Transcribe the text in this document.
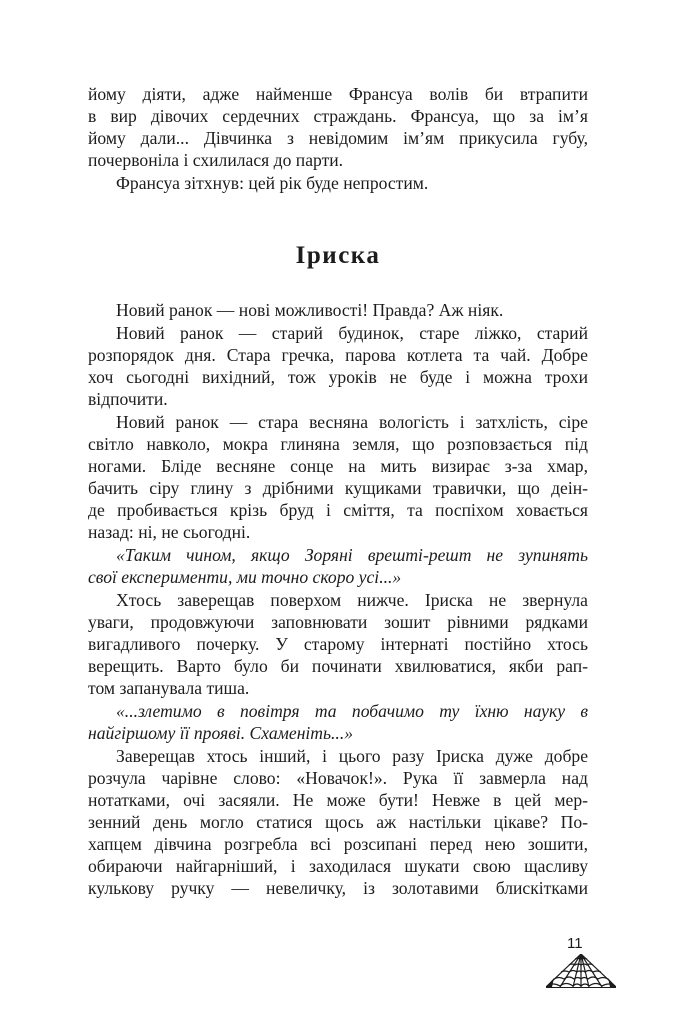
йому діяти, адже найменше Франсуа волів би втрапити
в вир дівочих сердечних страждань. Франсуа, що за ім’я
йому дали... Дівчинка з невідомим ім’ям прикусила губу,
почервоніла і схилилася до парти.
Франсуа зітхнув: цей рік буде непростим.
Іриска
Новий ранок — нові можливості! Правда? Аж ніяк.
Новий ранок — старий будинок, старе ліжко, старий
розпорядок дня. Стара гречка, парова котлета та чай. Добре
хоч сьогодні вихідний, тож уроків не буде і можна трохи
відпочити.
Новий ранок — стара весняна вологість і затхлість, сіре
світло навколо, мокра глиняна земля, що розповзається під
ногами. Бліде весняне сонце на мить визирає з-за хмар,
бачить сіру глину з дрібними кущиками травички, що деін-
де пробивається крізь бруд і сміття, та поспіхом ховається
назад: ні, не сьогодні.
«Таким чином, якщо Зоряні врешті-решт не зупинять
свої експерименти, ми точно скоро усі...»
Хтось заверещав поверхом нижче. Іриска не звернула
уваги, продовжуючи заповнювати зошит рівними рядками
вигадливого почерку. У старому інтернаті постійно хтось
верещить. Варто було би починати хвилюватися, якби рап-
том запанувала тиша.
«...злетимо в повітря та побачимо ту їхню науку в
найгіршому її прояві. Схаменіть...»
Заверещав хтось інший, і цього разу Іриска дуже добре
розчула чарівне слово: «Новачок!». Рука її завмерла над
нотатками, очі засяяли. Не може бути! Невже в цей мер-
зенний день могло статися щось аж настільки цікаве? По-
хапцем дівчина розгребла всі розсипані перед нею зошити,
обираючи найгарніший, і заходилася шукати свою щасливу
кулькову ручку — невеличку, із золотавими блискітками
11
